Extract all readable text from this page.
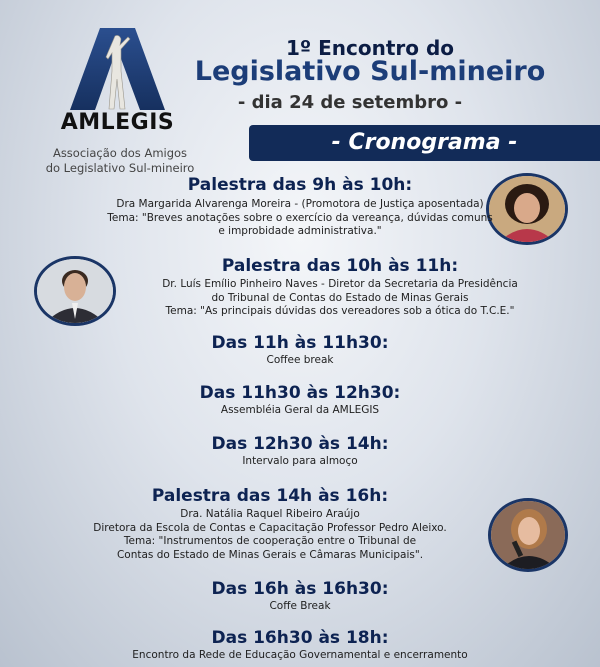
AMLEGIS
Associação dos Amigos
do Legislativo Sul-mineiro
1º Encontro do
Legislativo Sul-mineiro
- dia 24 de setembro -
- Cronograma -
Palestra das 9h às 10h:
Dra Margarida Alvarenga Moreira - (Promotora de Justiça aposentada)
Tema: "Breves anotações sobre o exercício da vereança, dúvidas comuns
e improbidade administrativa."
Palestra das 10h às 11h:
Dr. Luís Emílio Pinheiro Naves - Diretor da Secretaria da Presidência
do Tribunal de Contas do Estado de Minas Gerais
Tema: "As principais dúvidas dos vereadores sob a ótica do T.C.E."
Das 11h às 11h30:
Coffee break
Das 11h30 às 12h30:
Assembléia Geral da AMLEGIS
Das 12h30 às 14h:
Intervalo para almoço
Palestra das 14h às 16h:
Dra. Natália Raquel Ribeiro Araújo
Diretora da Escola de Contas e Capacitação Professor Pedro Aleixo.
Tema: "Instrumentos de cooperação entre o Tribunal de
Contas do Estado de Minas Gerais e Câmaras Municipais".
Das 16h às 16h30:
Coffe Break
Das 16h30 às 18h:
Encontro da Rede de Educação Governamental e encerramento
